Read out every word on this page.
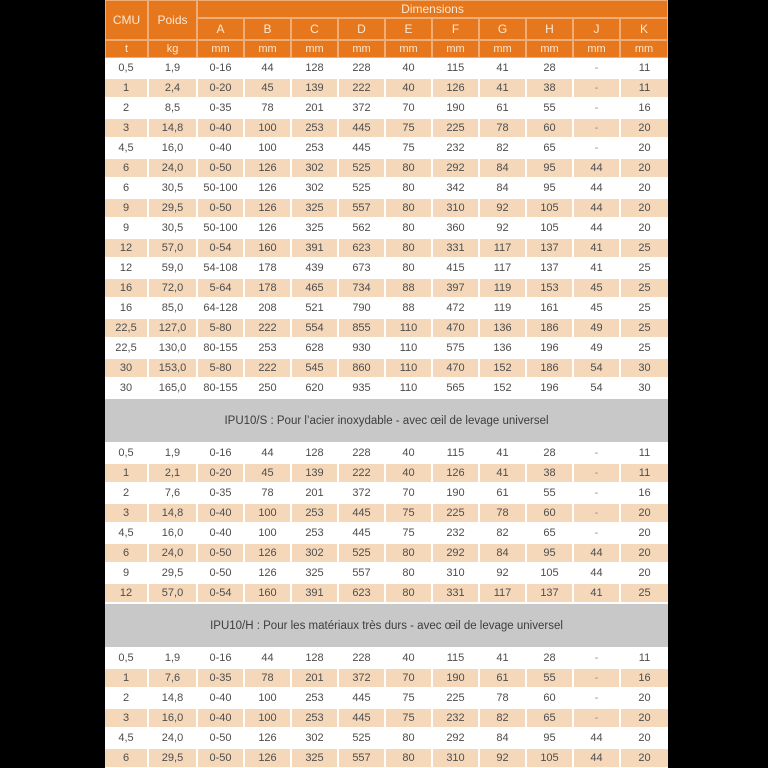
CMU	Poids	Dimensions									
		A	B	C	D	E	F	G	H	J	K
t	kg	mm	mm	mm	mm	mm	mm	mm	mm	mm	mm
0,5	1,9	0-16	44	128	228	40	115	41	28	-	11
1	2,4	0-20	45	139	222	40	126	41	38	-	11
2	8,5	0-35	78	201	372	70	190	61	55	-	16
3	14,8	0-40	100	253	445	75	225	78	60	-	20
4,5	16,0	0-40	100	253	445	75	232	82	65	-	20
6	24,0	0-50	126	302	525	80	292	84	95	44	20
6	30,5	50-100	126	302	525	80	342	84	95	44	20
9	29,5	0-50	126	325	557	80	310	92	105	44	20
9	30,5	50-100	126	325	562	80	360	92	105	44	20
12	57,0	0-54	160	391	623	80	331	117	137	41	25
12	59,0	54-108	178	439	673	80	415	117	137	41	25
16	72,0	5-64	178	465	734	88	397	119	153	45	25
16	85,0	64-128	208	521	790	88	472	119	161	45	25
22,5	127,0	5-80	222	554	855	110	470	136	186	49	25
22,5	130,0	80-155	253	628	930	110	575	136	196	49	25
30	153,0	5-80	222	545	860	110	470	152	186	54	30
30	165,0	80-155	250	620	935	110	565	152	196	54	30
IPU10/S : Pour l’acier inoxydable - avec œil de levage universel											
0,5	1,9	0-16	44	128	228	40	115	41	28	-	11
1	2,1	0-20	45	139	222	40	126	41	38	-	11
2	7,6	0-35	78	201	372	70	190	61	55	-	16
3	14,8	0-40	100	253	445	75	225	78	60	-	20
4,5	16,0	0-40	100	253	445	75	232	82	65	-	20
6	24,0	0-50	126	302	525	80	292	84	95	44	20
9	29,5	0-50	126	325	557	80	310	92	105	44	20
12	57,0	0-54	160	391	623	80	331	117	137	41	25
IPU10/H : Pour les matériaux très durs - avec œil de levage universel											
0,5	1,9	0-16	44	128	228	40	115	41	28	-	11
1	7,6	0-35	78	201	372	70	190	61	55	-	16
2	14,8	0-40	100	253	445	75	225	78	60	-	20
3	16,0	0-40	100	253	445	75	232	82	65	-	20
4,5	24,0	0-50	126	302	525	80	292	84	95	44	20
6	29,5	0-50	126	325	557	80	310	92	105	44	20
